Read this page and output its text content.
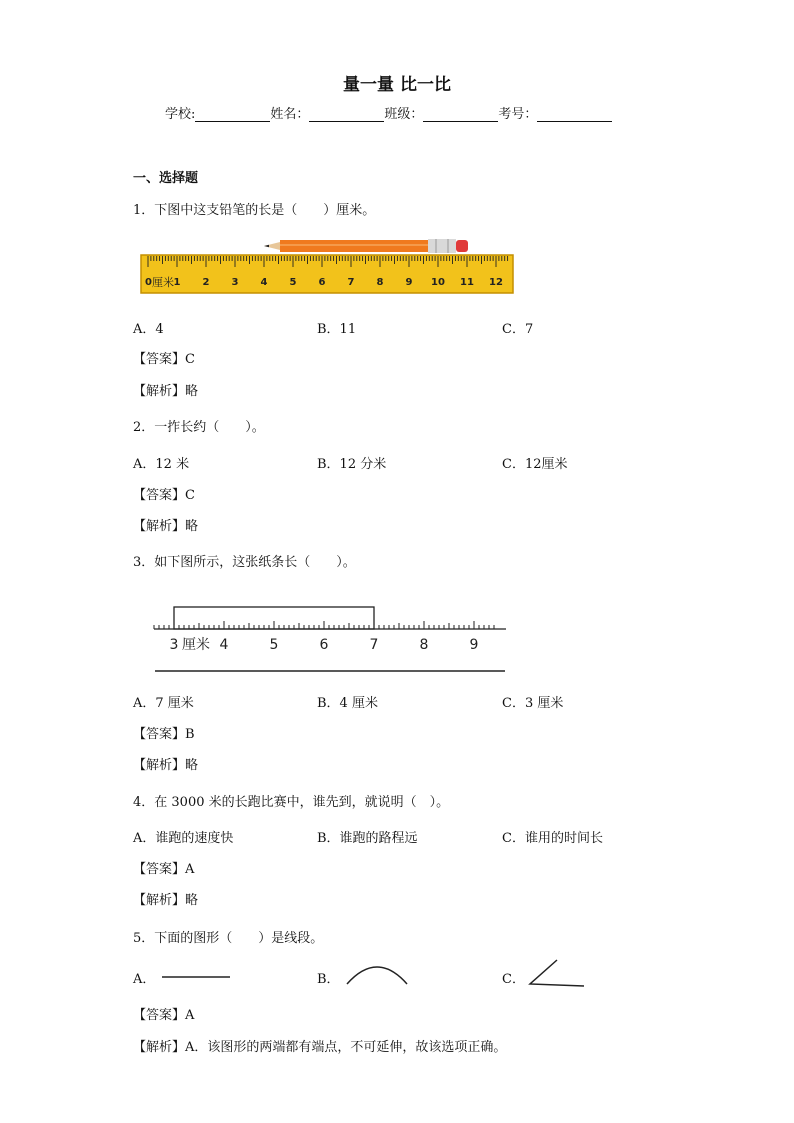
量一量 比一比
学校:	姓名：	班级：	考号：
一、选择题
1．下图中这支铅笔的长是（　　）厘米。
1 2 3 4 5 6 7 8 9 10 11 12
0 厘米
A．4	B．11	C．7
【答案】C
【解析】略
2．一拃长约（　　）。
A．12 米	B．12 分米	C．12厘米
【答案】C
【解析】略
3．如下图所示，这张纸条长（　　）。
3	4	5	6	7	8	9
厘米
A．7 厘米	B．4 厘米	C．3 厘米
【答案】B
【解析】略
4．在 3000 米的长跑比赛中，谁先到，就说明（　）。
A．谁跑的速度快	B．谁跑的路程远	C．谁用的时间长
【答案】A
【解析】略
5．下面的图形（　　）是线段。
A．	B．	C．
【答案】A
【解析】A．该图形的两端都有端点，不可延伸，故该选项正确。
